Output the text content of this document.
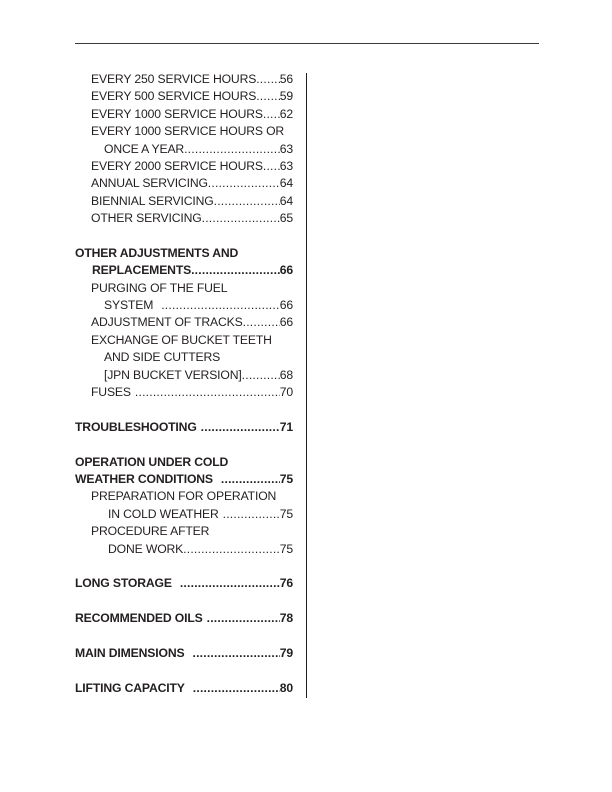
EVERY 250 SERVICE HOURS ..... 56
EVERY 500 SERVICE HOURS ..... 59
EVERY 1000 SERVICE HOURS ..... 62
EVERY 1000 SERVICE HOURS OR
ONCE A YEAR .....	63
EVERY 2000 SERVICE HOURS ..... 63
ANNUAL SERVICING .....	64
BIENNIAL SERVICING .....	64
OTHER SERVICING .....	65
OTHER ADJUSTMENTS AND
REPLACEMENTS .....	66
PURGING OF THE FUEL
SYSTEM .....	66
ADJUSTMENT OF TRACKS .....	66
EXCHANGE OF BUCKET TEETH
AND SIDE CUTTERS
[JPN BUCKET VERSION] .....	68
FUSES .....	70
TROUBLESHOOTING .....	71
OPERATION UNDER COLD
WEATHER CONDITIONS .....	75
PREPARATION FOR OPERATION
IN COLD WEATHER .....	75
PROCEDURE AFTER
DONE WORK .....	75
LONG STORAGE .....	76
RECOMMENDED OILS .....	78
MAIN DIMENSIONS .....	79
LIFTING CAPACITY .....	80
